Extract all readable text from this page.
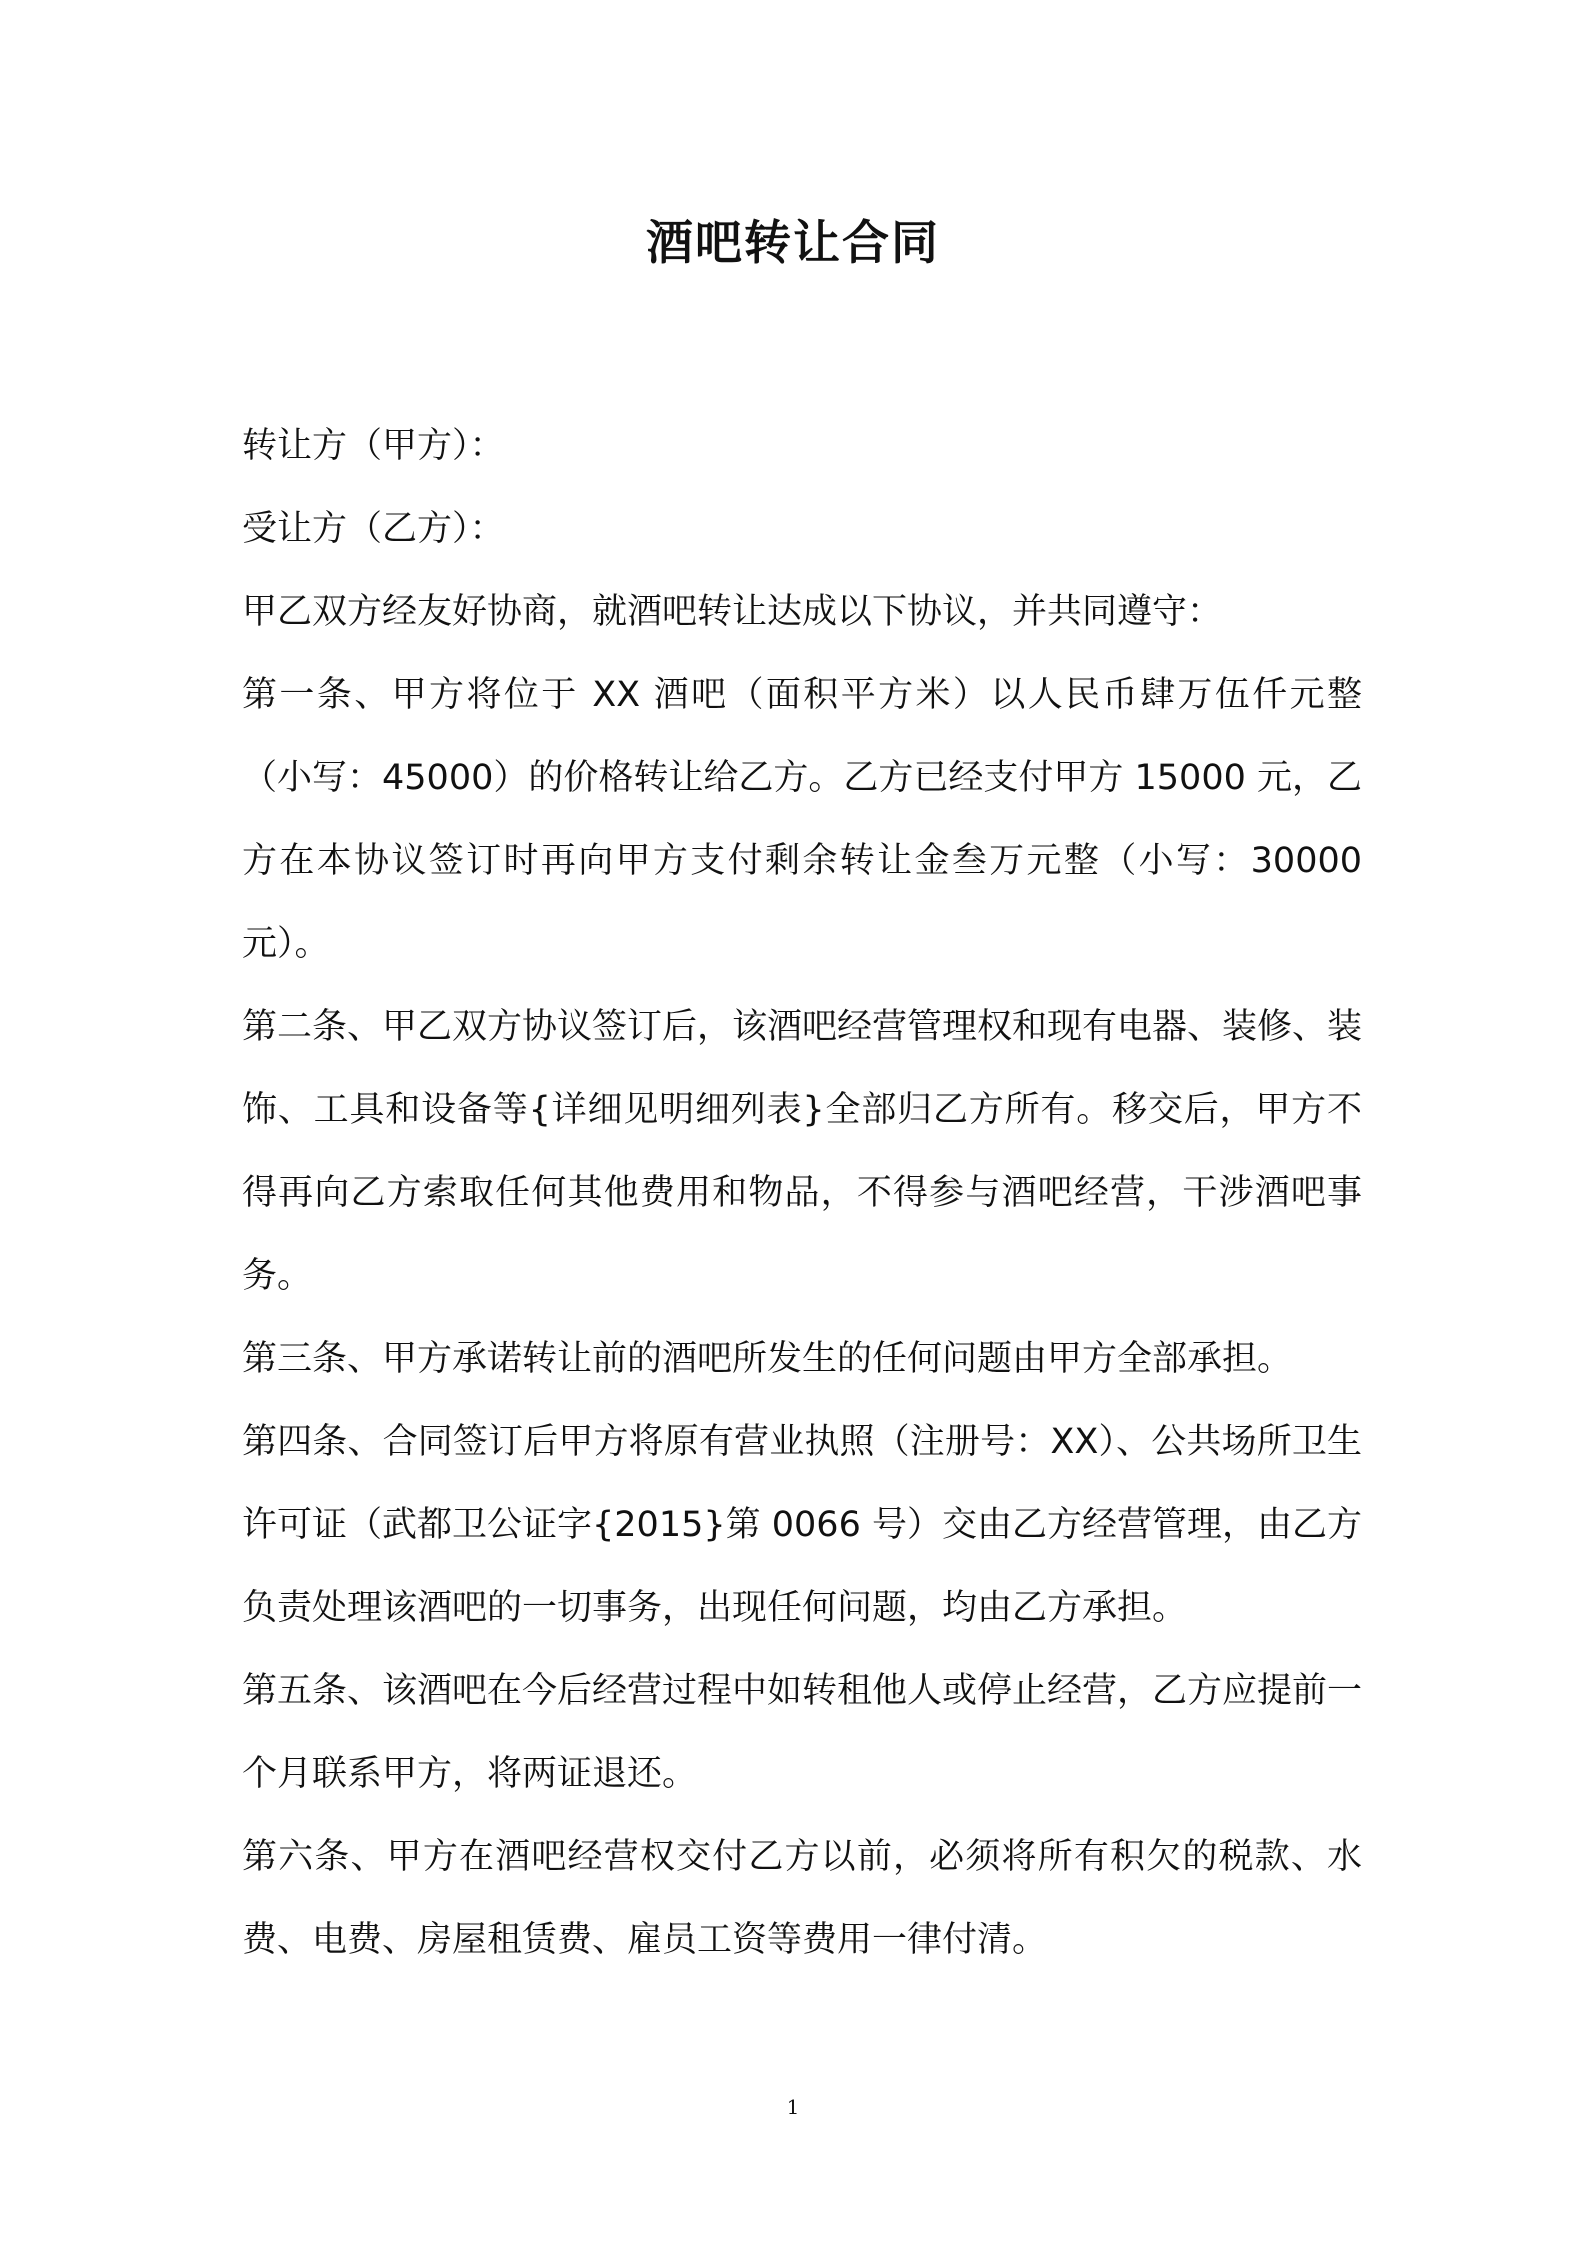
酒吧转让合同

转让方（甲方）：

受让方（乙方）：

甲乙双方经友好协商，就酒吧转让达成以下协议，并共同遵守：

第一条、甲方将位于 XX 酒吧（面积平方米）以人民币肆万伍仟元整（小写：45000）的价格转让给乙方。乙方已经支付甲方 15000 元，乙方在本协议签订时再向甲方支付剩余转让金叁万元整（小写：30000 元）。

第二条、甲乙双方协议签订后，该酒吧经营管理权和现有电器、装修、装饰、工具和设备等{详细见明细列表}全部归乙方所有。移交后，甲方不得再向乙方索取任何其他费用和物品，不得参与酒吧经营，干涉酒吧事务。

第三条、甲方承诺转让前的酒吧所发生的任何问题由甲方全部承担。

第四条、合同签订后甲方将原有营业执照（注册号：XX）、公共场所卫生许可证（武都卫公证字{2015}第 0066 号）交由乙方经营管理，由乙方负责处理该酒吧的一切事务，出现任何问题，均由乙方承担。

第五条、该酒吧在今后经营过程中如转租他人或停止经营，乙方应提前一个月联系甲方，将两证退还。

第六条、甲方在酒吧经营权交付乙方以前，必须将所有积欠的税款、水费、电费、房屋租赁费、雇员工资等费用一律付清。

1
